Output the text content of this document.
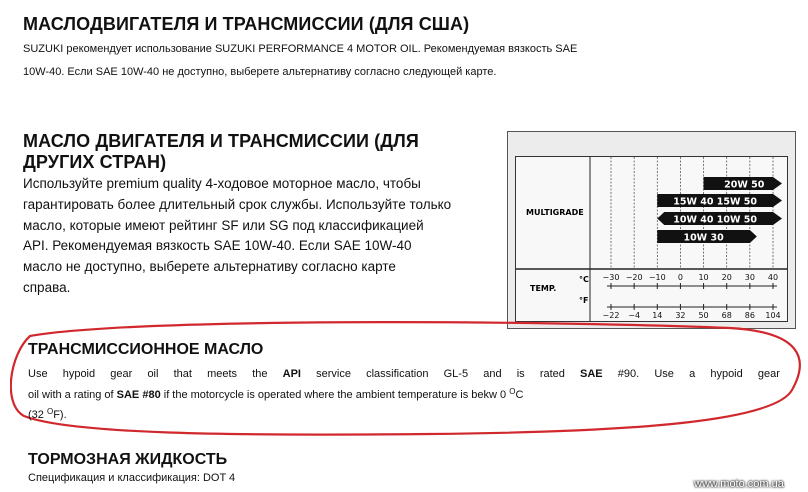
МАСЛОДВИГАТЕЛЯ И ТРАНСМИССИИ (ДЛЯ США)
SUZUKI рекомендует использование SUZUKI PERFORMANCE 4 MOTOR OIL. Рекомендуемая вязкость SAE
10W-40. Если SAE 10W-40 не доступно, выберете альтернативу согласно следующей карте.
МАСЛО ДВИГАТЕЛЯ И ТРАНСМИССИИ (ДЛЯ ДРУГИХ СТРАН)
Используйте premium quality 4-ходовое моторное масло, чтобы
гарантировать более длительный срок службы. Используйте только
масло, которые имеют рейтинг SF или SG под классификацией
API. Рекомендуемая вязкость SAE 10W-40. Если SAE 10W-40
масло не доступно, выберете альтернативу согласно карте
справа.
MULTIGRADE
TEMP.
°C
°F
20W 50
15W 40 15W 50
10W 40 10W 50
10W 30
−30 −20 −10 0 10 20 30 40
−22 −4 14 32 50 68 86 104
ТРАНСМИССИОННОЕ МАСЛО
Use hypoid gear oil that meets the API service classification GL-5 and is rated SAE #90. Use a hypoid gear
oil with a rating of SAE #80 if the motorcycle is operated where the ambient temperature is bekw 0 $^O$C
(32 $^O$F).
ТОРМОЗНАЯ ЖИДКОСТЬ
Спецификация и классификация: DOT 4	www.moto.com.ua
